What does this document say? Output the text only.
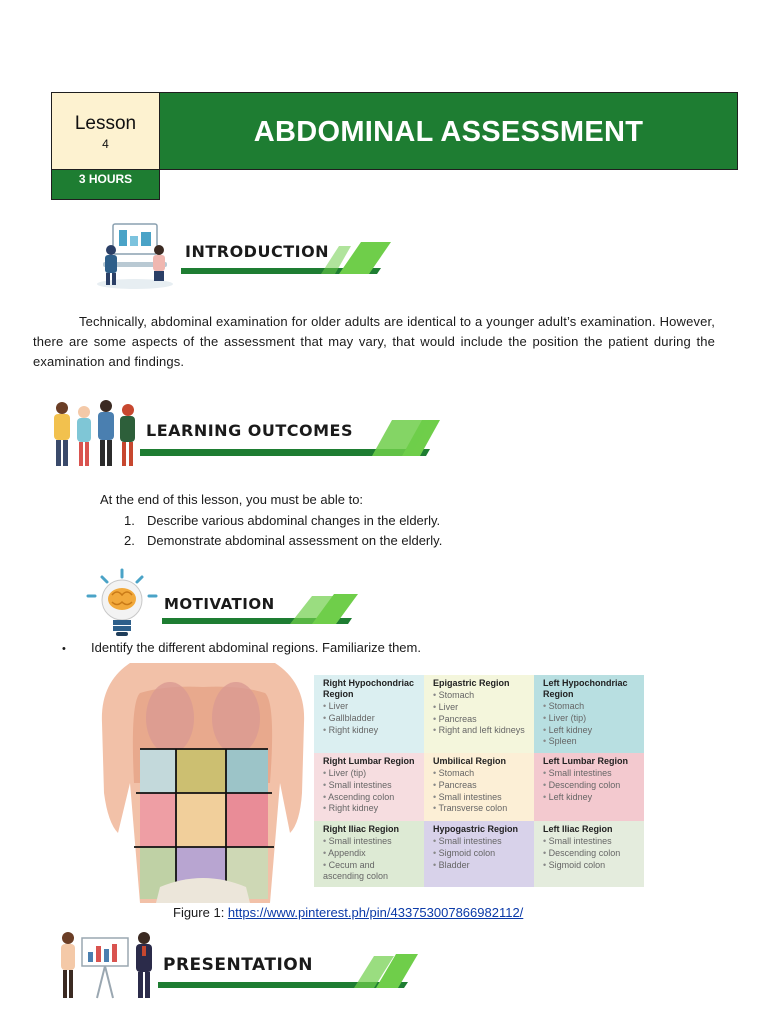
Lesson
4
3 HOURS
ABDOMINAL ASSESSMENT
INTRODUCTION
Technically, abdominal examination for older adults are identical to a younger adult’s examination. However, there are some aspects of the assessment that may vary, that would include the position the patient during the examination and findings.
LEARNING OUTCOMES
At the end of this lesson, you must be able to:
1. Describe various abdominal changes in the elderly.
2. Demonstrate abdominal assessment on the elderly.
MOTIVATION
• Identify the different abdominal regions. Familiarize them.
Right Hypochondriac Region
• Liver
• Gallbladder
• Right kidney
Epigastric Region
• Stomach
• Liver
• Pancreas
• Right and left kidneys
Left Hypochondriac Region
• Stomach
• Liver (tip)
• Left kidney
• Spleen
Right Lumbar Region
• Liver (tip)
• Small intestines
• Ascending colon
• Right kidney
Umbilical Region
• Stomach
• Pancreas
• Small intestines
• Transverse colon
Left Lumbar Region
• Small intestines
• Descending colon
• Left kidney
Right Iliac Region
• Small intestines
• Appendix
• Cecum and ascending colon
Hypogastric Region
• Small intestines
• Sigmoid colon
• Bladder
Left Iliac Region
• Small intestines
• Descending colon
• Sigmoid colon
Figure 1: https://www.pinterest.ph/pin/433753007866982112/
PRESENTATION
